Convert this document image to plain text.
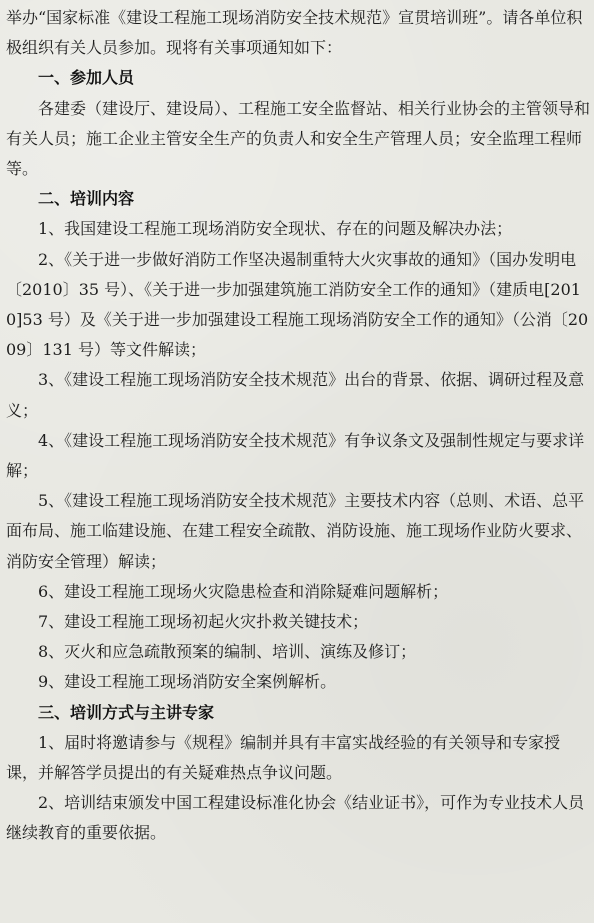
举办“国家标准《建设工程施工现场消防安全技术规范》宣贯培训班”。请各单位积极组织有关人员参加。现将有关事项通知如下：

一、参加人员

各建委（建设厅、建设局）、工程施工安全监督站、相关行业协会的主管领导和有关人员；施工企业主管安全生产的负责人和安全生产管理人员；安全监理工程师等。

二、培训内容

1、我国建设工程施工现场消防安全现状、存在的问题及解决办法；

2、《关于进一步做好消防工作坚决遏制重特大火灾事故的通知》（国办发明电〔2010〕35 号）、《关于进一步加强建筑施工消防安全工作的通知》（建质电[2010]53 号）及《关于进一步加强建设工程施工现场消防安全工作的通知》（公消〔2009〕131 号）等文件解读；

3、《建设工程施工现场消防安全技术规范》出台的背景、依据、调研过程及意义；

4、《建设工程施工现场消防安全技术规范》有争议条文及强制性规定与要求详解；

5、《建设工程施工现场消防安全技术规范》主要技术内容（总则、术语、总平面布局、施工临建设施、在建工程安全疏散、消防设施、施工现场作业防火要求、消防安全管理）解读；

6、建设工程施工现场火灾隐患检查和消除疑难问题解析；

7、建设工程施工现场初起火灾扑救关键技术；

8、灭火和应急疏散预案的编制、培训、演练及修订；

9、建设工程施工现场消防安全案例解析。

三、培训方式与主讲专家

1、届时将邀请参与《规程》编制并具有丰富实战经验的有关领导和专家授课，并解答学员提出的有关疑难热点争议问题。

2、培训结束颁发中国工程建设标准化协会《结业证书》，可作为专业技术人员继续教育的重要依据。
